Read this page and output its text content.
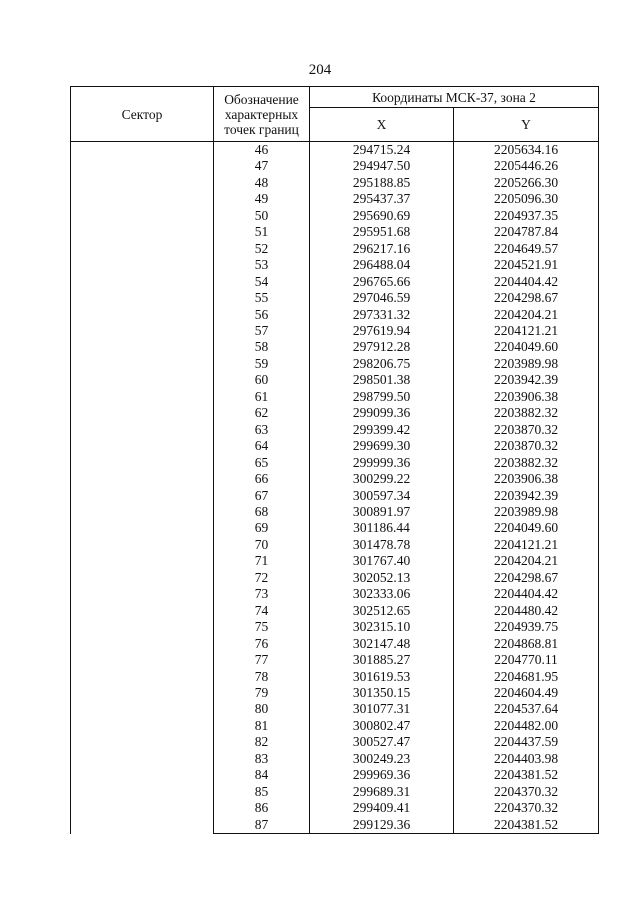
204
Сектор	Обозначение характерных точек границ	Координаты МСК-37, зона 2	
		X	Y
	46	294715.24	2205634.16
	47	294947.50	2205446.26
	48	295188.85	2205266.30
	49	295437.37	2205096.30
	50	295690.69	2204937.35
	51	295951.68	2204787.84
	52	296217.16	2204649.57
	53	296488.04	2204521.91
	54	296765.66	2204404.42
	55	297046.59	2204298.67
	56	297331.32	2204204.21
	57	297619.94	2204121.21
	58	297912.28	2204049.60
	59	298206.75	2203989.98
	60	298501.38	2203942.39
	61	298799.50	2203906.38
	62	299099.36	2203882.32
	63	299399.42	2203870.32
	64	299699.30	2203870.32
	65	299999.36	2203882.32
	66	300299.22	2203906.38
	67	300597.34	2203942.39
	68	300891.97	2203989.98
	69	301186.44	2204049.60
	70	301478.78	2204121.21
	71	301767.40	2204204.21
	72	302052.13	2204298.67
	73	302333.06	2204404.42
	74	302512.65	2204480.42
	75	302315.10	2204939.75
	76	302147.48	2204868.81
	77	301885.27	2204770.11
	78	301619.53	2204681.95
	79	301350.15	2204604.49
	80	301077.31	2204537.64
	81	300802.47	2204482.00
	82	300527.47	2204437.59
	83	300249.23	2204403.98
	84	299969.36	2204381.52
	85	299689.31	2204370.32
	86	299409.41	2204370.32
	87	299129.36	2204381.52
